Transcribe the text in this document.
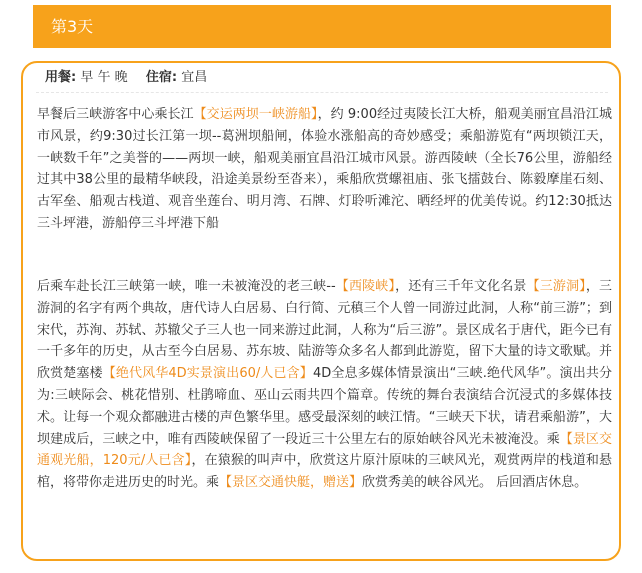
第3天
用餐: 早 午 晚 住宿: 宜昌

早餐后三峡游客中心乘长江【交运两坝一峡游船】，约 9:00经过夷陵长江大桥，船观美丽宜昌沿江城市风景，约9:30过长江第一坝--葛洲坝船闸，体验水涨船高的奇妙感受；乘船游览有“两坝锁江天，一峡数千年”之美誉的——两坝一峡，船观美丽宜昌沿江城市风景。游西陵峡（全长76公里，游船经过其中38公里的最精华峡段，沿途美景纷至沓来），乘船欣赏螺祖庙、张飞擂鼓台、陈毅摩崖石刻、古军垒、船观古栈道、观音坐莲台、明月湾、石牌、灯聆听滩沱、晒经坪的优美传说。约12:30抵达三斗坪港，游船停三斗坪港下船

后乘车赴长江三峡第一峡，唯一未被淹没的老三峡--【西陵峡】，还有三千年文化名景【三游洞】，三游洞的名字有两个典故，唐代诗人白居易、白行简、元稹三个人曾一同游过此洞，人称“前三游”；到宋代，苏洵、苏轼、苏辙父子三人也一同来游过此洞，人称为“后三游”。景区成名于唐代，距今已有一千多年的历史，从古至今白居易、苏东坡、陆游等众多名人都到此游览，留下大量的诗文歌赋。并欣赏楚塞楼【绝代风华4D实景演出60/人已含】4D全息多媒体情景演出“三峡.绝代风华”。演出共分为:三峡际会、桃花惜别、杜鹃啼血、巫山云雨共四个篇章。传统的舞台表演结合沉浸式的多媒体技术。让每一个观众都融进古楼的声色繁华里。感受最深刻的峡江情。“三峡天下状，请君乘船游”，大坝建成后，三峡之中，唯有西陵峡保留了一段近三十公里左右的原始峡谷风光未被淹没。乘【景区交通观光船，120元/人已含】，在猿猴的叫声中，欣赏这片原汁原味的三峡风光，观赏两岸的栈道和悬棺，将带你走进历史的时光。乘【景区交通快艇，赠送】欣赏秀美的峡谷风光。 后回酒店休息。
